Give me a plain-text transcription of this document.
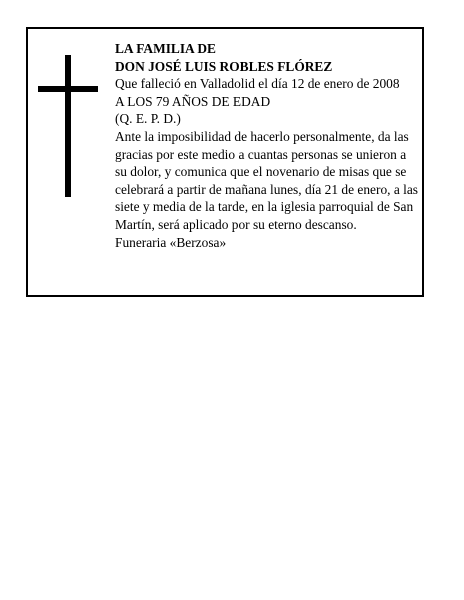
LA FAMILIA DE

DON JOSÉ LUIS ROBLES FLÓREZ

Que falleció en Valladolid el día 12 de enero de 2008

A LOS 79 AÑOS DE EDAD

(Q. E. P. D.)

Ante la imposibilidad de hacerlo personalmente, da las gracias por este medio a cuantas personas se unieron a su dolor, y comunica que el novenario de misas que se celebrará a partir de mañana lunes, día 21 de enero, a las siete y media de la tarde, en la iglesia parroquial de San Martín, será aplicado por su eterno descanso.

Funeraria «Berzosa»
